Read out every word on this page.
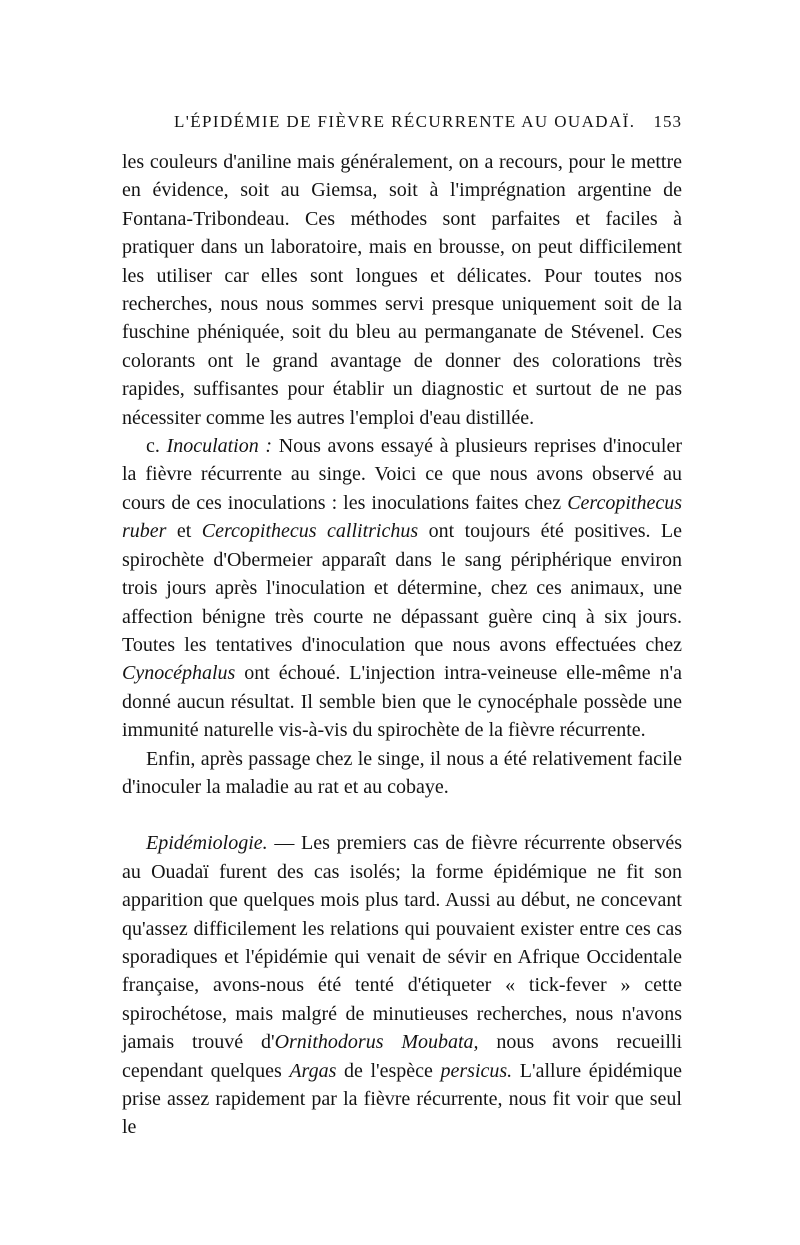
L'ÉPIDÉMIE DE FIÈVRE RÉCURRENTE AU OUADAÏ. 153

les couleurs d'aniline mais généralement, on a recours, pour le mettre en évidence, soit au Giemsa, soit à l'imprégnation argentine de Fontana-Tribondeau. Ces méthodes sont parfaites et faciles à pratiquer dans un laboratoire, mais en brousse, on peut difficilement les utiliser car elles sont longues et délicates. Pour toutes nos recherches, nous nous sommes servi presque uniquement soit de la fuschine phéniquée, soit du bleu au permanganate de Stévenel. Ces colorants ont le grand avantage de donner des colorations très rapides, suffisantes pour établir un diagnostic et surtout de ne pas nécessiter comme les autres l'emploi d'eau distillée.

c. Inoculation : Nous avons essayé à plusieurs reprises d'inoculer la fièvre récurrente au singe. Voici ce que nous avons observé au cours de ces inoculations : les inoculations faites chez Cercopithecus ruber et Cercopithecus callitrichus ont toujours été positives. Le spirochète d'Obermeier apparaît dans le sang périphérique environ trois jours après l'inoculation et détermine, chez ces animaux, une affection bénigne très courte ne dépassant guère cinq à six jours. Toutes les tentatives d'inoculation que nous avons effectuées chez Cynocéphalus ont échoué. L'injection intra-veineuse elle-même n'a donné aucun résultat. Il semble bien que le cynocéphale possède une immunité naturelle vis-à-vis du spirochète de la fièvre récurrente.

Enfin, après passage chez le singe, il nous a été relativement facile d'inoculer la maladie au rat et au cobaye.

Epidémiologie. — Les premiers cas de fièvre récurrente observés au Ouadaï furent des cas isolés; la forme épidémique ne fit son apparition que quelques mois plus tard. Aussi au début, ne concevant qu'assez difficilement les relations qui pouvaient exister entre ces cas sporadiques et l'épidémie qui venait de sévir en Afrique Occidentale française, avons-nous été tenté d'étiqueter « tick-fever » cette spirochétose, mais malgré de minutieuses recherches, nous n'avons jamais trouvé d'Ornithodorus Moubata, nous avons recueilli cependant quelques Argas de l'espèce persicus. L'allure épidémique prise assez rapidement par la fièvre récurrente, nous fit voir que seul le
